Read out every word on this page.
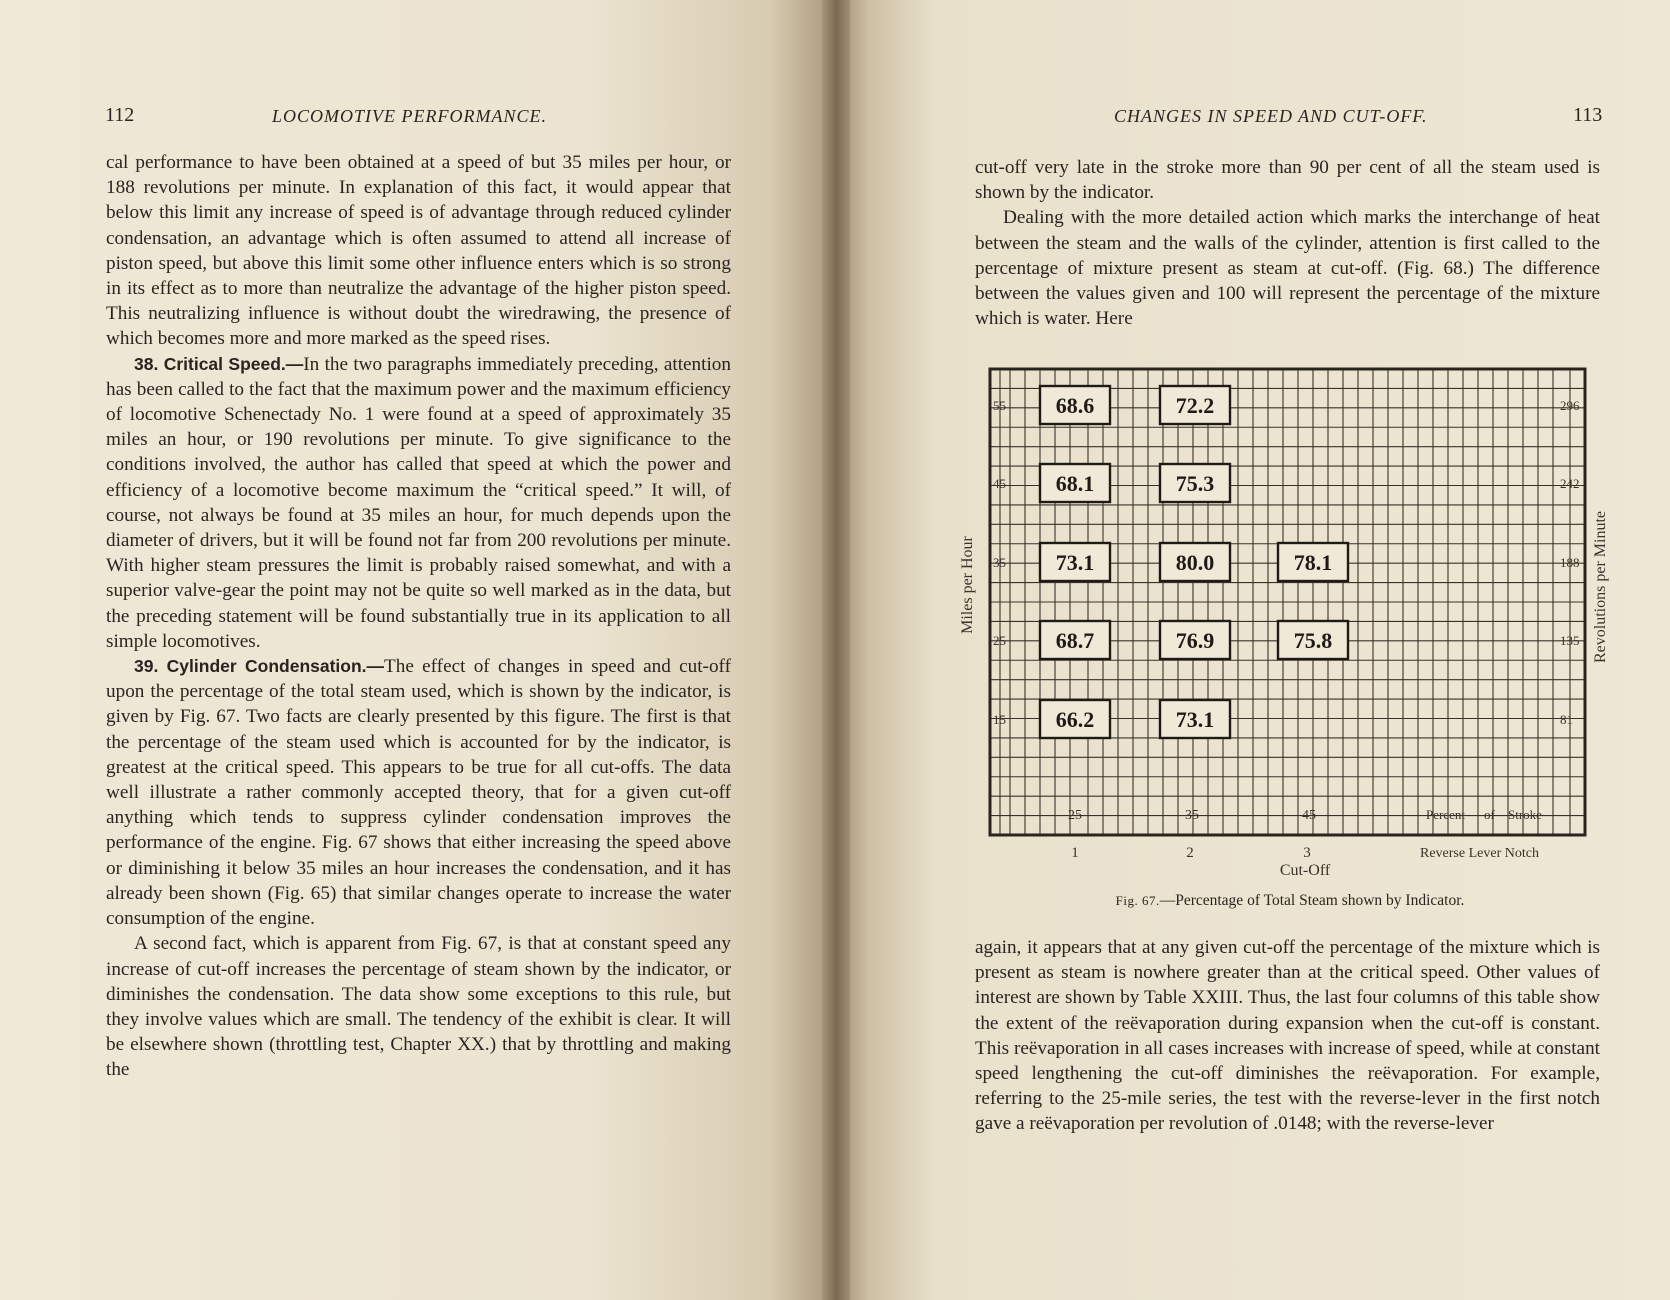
112	LOCOMOTIVE PERFORMANCE.

cal performance to have been obtained at a speed of but 35 miles per hour, or 188 revolutions per minute. In explanation of this fact, it would appear that below this limit any increase of speed is of advantage through reduced cylinder condensation, an advantage which is often assumed to attend all increase of piston speed, but above this limit some other influence enters which is so strong in its effect as to more than neutralize the advantage of the higher piston speed. This neutralizing influence is without doubt the wiredrawing, the presence of which becomes more and more marked as the speed rises.

38. Critical Speed.—In the two paragraphs immediately preceding, attention has been called to the fact that the maximum power and the maximum efficiency of locomotive Schenectady No. 1 were found at a speed of approximately 35 miles an hour, or 190 revolutions per minute. To give significance to the conditions involved, the author has called that speed at which the power and efficiency of a locomotive become maximum the “critical speed.” It will, of course, not always be found at 35 miles an hour, for much depends upon the diameter of drivers, but it will be found not far from 200 revolutions per minute. With higher steam pressures the limit is probably raised somewhat, and with a superior valve-gear the point may not be quite so well marked as in the data, but the preceding statement will be found substantially true in its application to all simple locomotives.

39. Cylinder Condensation.—The effect of changes in speed and cut-off upon the percentage of the total steam used, which is shown by the indicator, is given by Fig. 67. Two facts are clearly presented by this figure. The first is that the percentage of the steam used which is accounted for by the indicator, is greatest at the critical speed. This appears to be true for all cut-offs. The data well illustrate a rather commonly accepted theory, that for a given cut-off anything which tends to suppress cylinder condensation improves the performance of the engine. Fig. 67 shows that either increasing the speed above or diminishing it below 35 miles an hour increases the condensation, and it has already been shown (Fig. 65) that similar changes operate to increase the water consumption of the engine.

A second fact, which is apparent from Fig. 67, is that at constant speed any increase of cut-off increases the percentage of steam shown by the indicator, or diminishes the condensation. The data show some exceptions to this rule, but they involve values which are small. The tendency of the exhibit is clear. It will be elsewhere shown (throttling test, Chapter XX.) that by throttling and making the

CHANGES IN SPEED AND CUT-OFF.	113

cut-off very late in the stroke more than 90 per cent of all the steam used is shown by the indicator.

Dealing with the more detailed action which marks the interchange of heat between the steam and the walls of the cylinder, attention is first called to the percentage of mixture present as steam at cut-off. (Fig. 68.) The difference between the values given and 100 will represent the percentage of the mixture which is water. Here

55
45
35
25
15
296
242
188
135
81
68.6	72.2
68.1	75.3
73.1	80.0	78.1
68.7	76.9	75.8
66.2	73.1
25	35	45	Percent of Stroke
1	2	3	Reverse Lever Notch
Cut-Off
Miles per Hour	Revolutions per Minute
Fig. 67.—Percentage of Total Steam shown by Indicator.

again, it appears that at any given cut-off the percentage of the mixture which is present as steam is nowhere greater than at the critical speed. Other values of interest are shown by Table XXIII. Thus, the last four columns of this table show the extent of the reëvaporation during expansion when the cut-off is constant. This reëvaporation in all cases increases with increase of speed, while at constant speed lengthening the cut-off diminishes the reëvaporation. For example, referring to the 25-mile series, the test with the reverse-lever in the first notch gave a reëvaporation per revolution of .0148; with the reverse-lever
